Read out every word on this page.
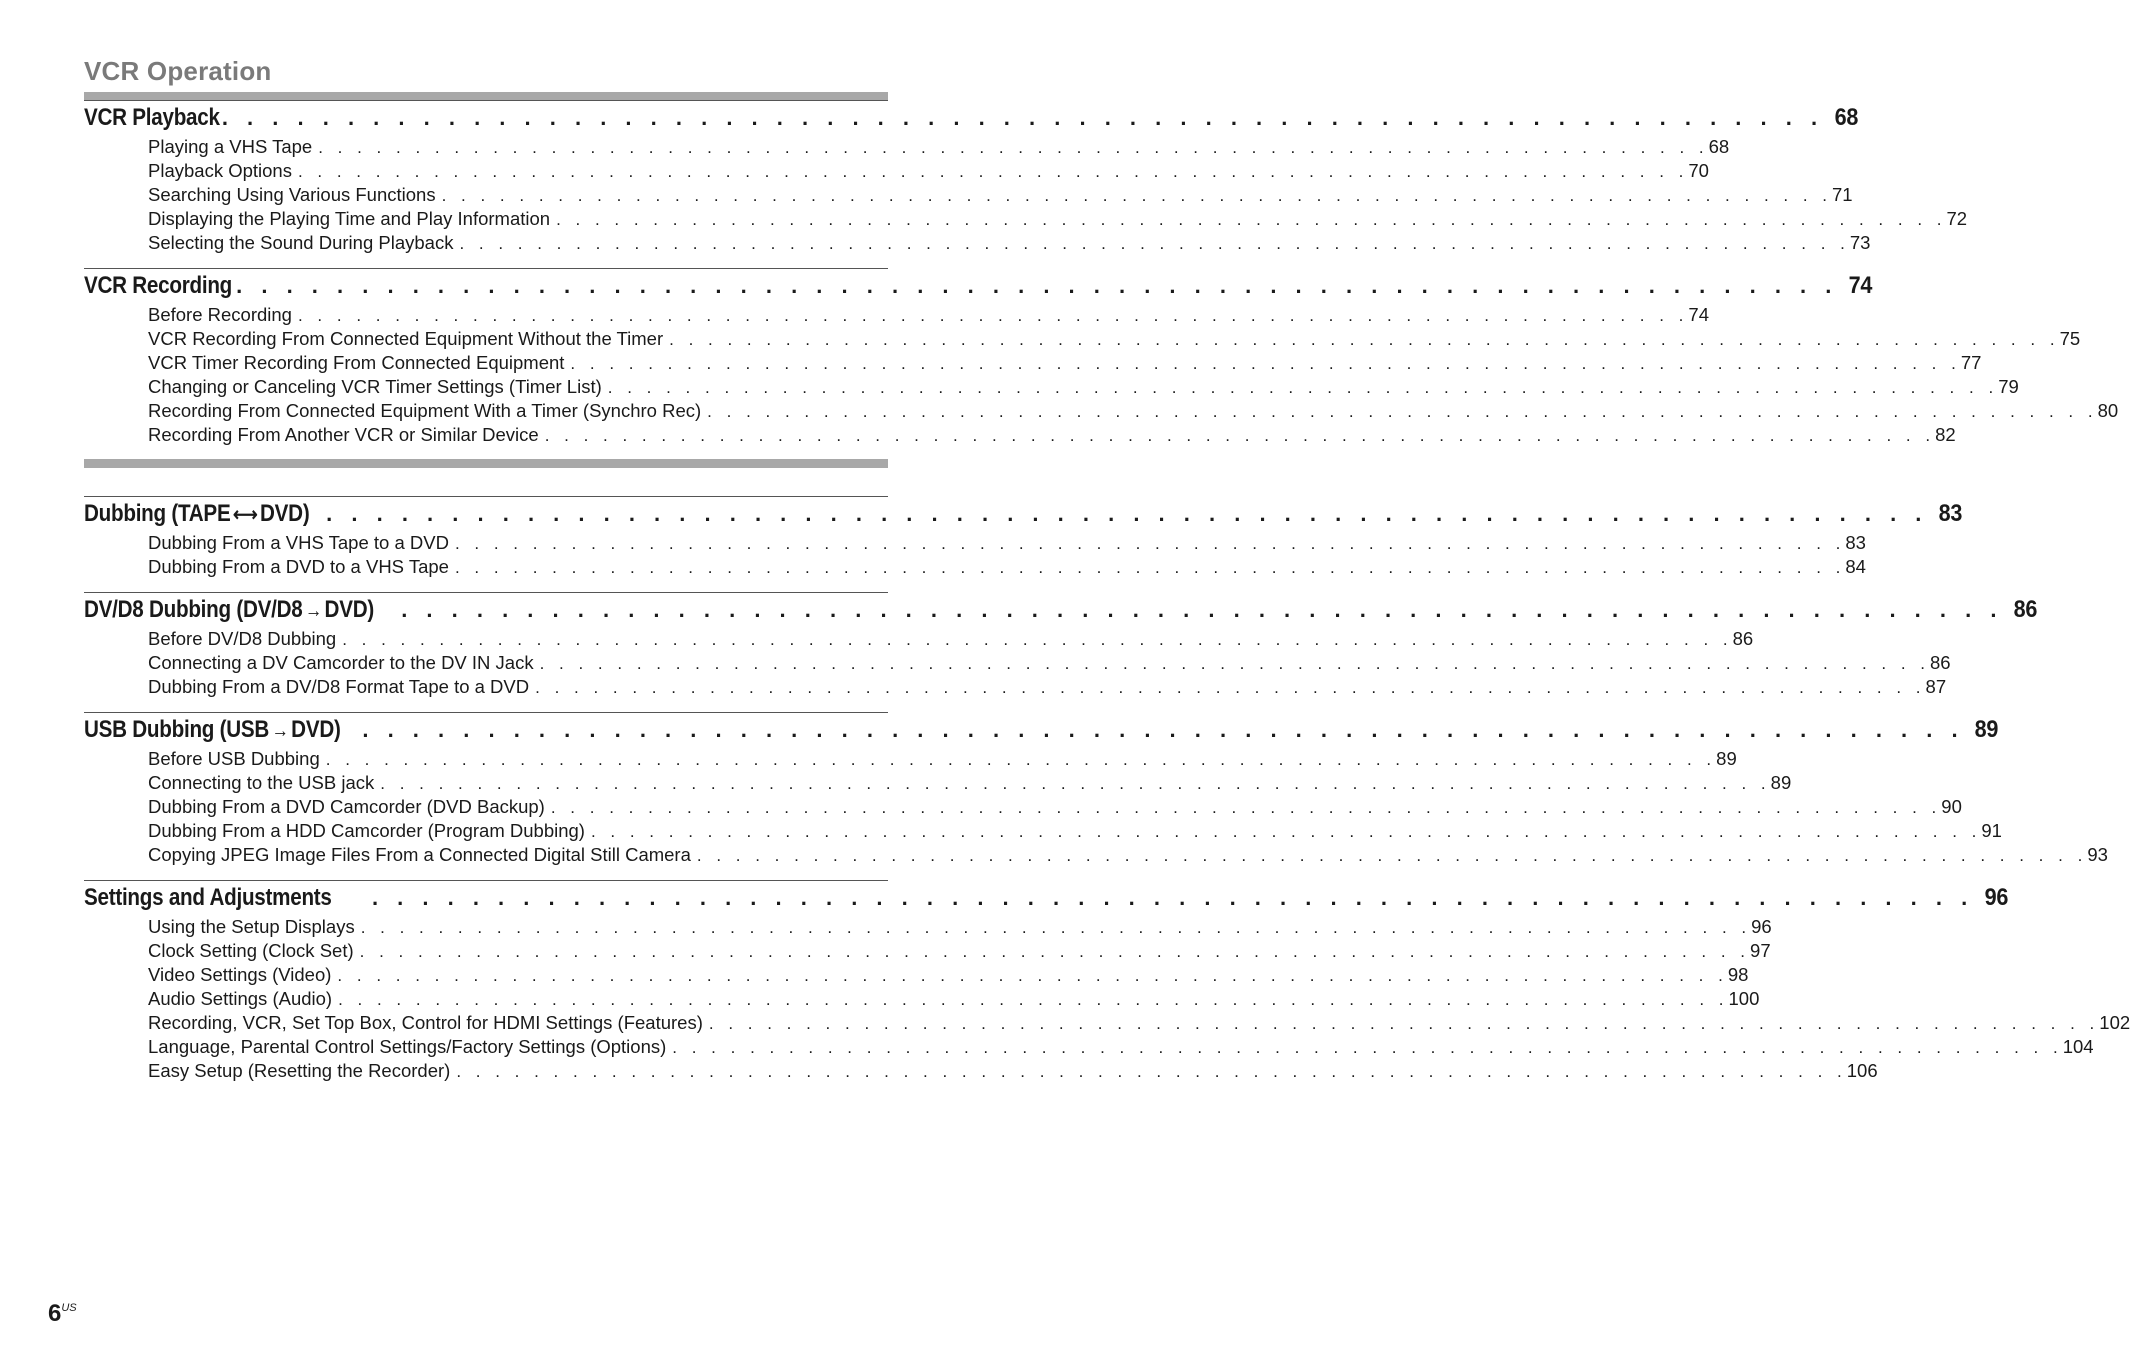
VCR Operation
VCR Playback . . . . . . . . . . . . . . . . . . . . . . . . . . . . . . . . . . . . . . . . . . . . . . . . . . . . . . . . . . . . . . . . 68
Playing a VHS Tape . . . . . . . . . . . . . . . . . . . . . . . . . . . . . . . . . . . . . . . . . . . . . . . . . . . . . . . . . . . . . . . . . . . . . . . . 68
Playback Options . . . . . . . . . . . . . . . . . . . . . . . . . . . . . . . . . . . . . . . . . . . . . . . . . . . . . . . . . . . . . . . . . . . . . . . . 70
Searching Using Various Functions . . . . . . . . . . . . . . . . . . . . . . . . . . . . . . . . . . . . . . . . . . . . . . . . . . . . . . . . . . . . . . . . . . . . . . . . 71
Displaying the Playing Time and Play Information . . . . . . . . . . . . . . . . . . . . . . . . . . . . . . . . . . . . . . . . . . . . . . . . . . . . . . . . . . . . . . . . . . . . . . . . 72
Selecting the Sound During Playback . . . . . . . . . . . . . . . . . . . . . . . . . . . . . . . . . . . . . . . . . . . . . . . . . . . . . . . . . . . . . . . . . . . . . . . . 73
VCR Recording . . . . . . . . . . . . . . . . . . . . . . . . . . . . . . . . . . . . . . . . . . . . . . . . . . . . . . . . . . . . . . . . 74
Before Recording . . . . . . . . . . . . . . . . . . . . . . . . . . . . . . . . . . . . . . . . . . . . . . . . . . . . . . . . . . . . . . . . . . . . . . . . 74
VCR Recording From Connected Equipment Without the Timer . . . . . . . . . . . . . . . . . . . . . . . . . . . . . . . . . . . . . . . . . . . . . . . . . . . . . . . . . . . . . . . . . . . . . . . . 75
VCR Timer Recording From Connected Equipment . . . . . . . . . . . . . . . . . . . . . . . . . . . . . . . . . . . . . . . . . . . . . . . . . . . . . . . . . . . . . . . . . . . . . . . . 77
Changing or Canceling VCR Timer Settings (Timer List) . . . . . . . . . . . . . . . . . . . . . . . . . . . . . . . . . . . . . . . . . . . . . . . . . . . . . . . . . . . . . . . . . . . . . . . . 79
Recording From Connected Equipment With a Timer (Synchro Rec) . . . . . . . . . . . . . . . . . . . . . . . . . . . . . . . . . . . . . . . . . . . . . . . . . . . . . . . . . . . . . . . . . . . . . . . . 80
Recording From Another VCR or Similar Device . . . . . . . . . . . . . . . . . . . . . . . . . . . . . . . . . . . . . . . . . . . . . . . . . . . . . . . . . . . . . . . . . . . . . . . . 82
Dubbing (TAPE ⟷ DVD) . . . . . . . . . . . . . . . . . . . . . . . . . . . . . . . . . . . . . . . . . . . . . . . . . . . . . . . . . . . . . . . . 83
Dubbing From a VHS Tape to a DVD . . . . . . . . . . . . . . . . . . . . . . . . . . . . . . . . . . . . . . . . . . . . . . . . . . . . . . . . . . . . . . . . . . . . . . . . 83
Dubbing From a DVD to a VHS Tape . . . . . . . . . . . . . . . . . . . . . . . . . . . . . . . . . . . . . . . . . . . . . . . . . . . . . . . . . . . . . . . . . . . . . . . . 84
DV/D8 Dubbing (DV/D8 → DVD) . . . . . . . . . . . . . . . . . . . . . . . . . . . . . . . . . . . . . . . . . . . . . . . . . . . . . . . . . . . . . . . . 86
Before DV/D8 Dubbing . . . . . . . . . . . . . . . . . . . . . . . . . . . . . . . . . . . . . . . . . . . . . . . . . . . . . . . . . . . . . . . . . . . . . . . . 86
Connecting a DV Camcorder to the DV IN Jack . . . . . . . . . . . . . . . . . . . . . . . . . . . . . . . . . . . . . . . . . . . . . . . . . . . . . . . . . . . . . . . . . . . . . . . . 86
Dubbing From a DV/D8 Format Tape to a DVD . . . . . . . . . . . . . . . . . . . . . . . . . . . . . . . . . . . . . . . . . . . . . . . . . . . . . . . . . . . . . . . . . . . . . . . . 87
USB Dubbing (USB → DVD) . . . . . . . . . . . . . . . . . . . . . . . . . . . . . . . . . . . . . . . . . . . . . . . . . . . . . . . . . . . . . . . . 89
Before USB Dubbing . . . . . . . . . . . . . . . . . . . . . . . . . . . . . . . . . . . . . . . . . . . . . . . . . . . . . . . . . . . . . . . . . . . . . . . . 89
Connecting to the USB jack . . . . . . . . . . . . . . . . . . . . . . . . . . . . . . . . . . . . . . . . . . . . . . . . . . . . . . . . . . . . . . . . . . . . . . . . 89
Dubbing From a DVD Camcorder (DVD Backup) . . . . . . . . . . . . . . . . . . . . . . . . . . . . . . . . . . . . . . . . . . . . . . . . . . . . . . . . . . . . . . . . . . . . . . . . 90
Dubbing From a HDD Camcorder (Program Dubbing) . . . . . . . . . . . . . . . . . . . . . . . . . . . . . . . . . . . . . . . . . . . . . . . . . . . . . . . . . . . . . . . . . . . . . . . . 91
Copying JPEG Image Files From a Connected Digital Still Camera . . . . . . . . . . . . . . . . . . . . . . . . . . . . . . . . . . . . . . . . . . . . . . . . . . . . . . . . . . . . . . . . . . . . . . . . 93
Settings and Adjustments . . . . . . . . . . . . . . . . . . . . . . . . . . . . . . . . . . . . . . . . . . . . . . . . . . . . . . . . . . . . . . . . 96
Using the Setup Displays . . . . . . . . . . . . . . . . . . . . . . . . . . . . . . . . . . . . . . . . . . . . . . . . . . . . . . . . . . . . . . . . . . . . . . . . 96
Clock Setting (Clock Set) . . . . . . . . . . . . . . . . . . . . . . . . . . . . . . . . . . . . . . . . . . . . . . . . . . . . . . . . . . . . . . . . . . . . . . . . 97
Video Settings (Video) . . . . . . . . . . . . . . . . . . . . . . . . . . . . . . . . . . . . . . . . . . . . . . . . . . . . . . . . . . . . . . . . . . . . . . . . 98
Audio Settings (Audio) . . . . . . . . . . . . . . . . . . . . . . . . . . . . . . . . . . . . . . . . . . . . . . . . . . . . . . . . . . . . . . . . . . . . . . . . 100
Recording, VCR, Set Top Box, Control for HDMI Settings (Features) . . . . . . . . . . . . . . . . . . . . . . . . . . . . . . . . . . . . . . . . . . . . . . . . . . . . . . . . . . . . . . . . . . . . . . . . 102
Language, Parental Control Settings/Factory Settings (Options) . . . . . . . . . . . . . . . . . . . . . . . . . . . . . . . . . . . . . . . . . . . . . . . . . . . . . . . . . . . . . . . . . . . . . . . . 104
Easy Setup (Resetting the Recorder) . . . . . . . . . . . . . . . . . . . . . . . . . . . . . . . . . . . . . . . . . . . . . . . . . . . . . . . . . . . . . . . . . . . . . . . . 106
$6^{US}$
